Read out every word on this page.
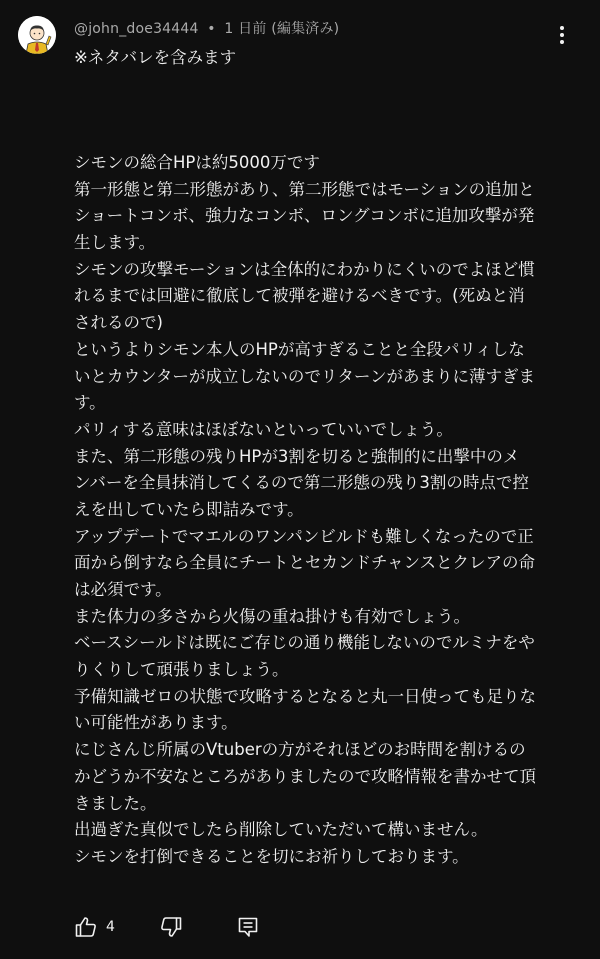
@john_doe34444 • 1 日前 (編集済み)
※ネタバレを含みます
シモンの総合HPは約5000万です
第一形態と第二形態があり、第二形態ではモーションの追加と
ショートコンボ、強力なコンボ、ロングコンボに追加攻撃が発
生します。
シモンの攻撃モーションは全体的にわかりにくいのでよほど慣
れるまでは回避に徹底して被弾を避けるべきです。(死ぬと消
されるので)
というよりシモン本人のHPが高すぎることと全段パリィしな
いとカウンターが成立しないのでリターンがあまりに薄すぎま
す。
パリィする意味はほぼないといっていいでしょう。
また、第二形態の残りHPが3割を切ると強制的に出撃中のメ
ンバーを全員抹消してくるので第二形態の残り3割の時点で控
えを出していたら即詰みです。
アップデートでマエルのワンパンビルドも難しくなったので正
面から倒すなら全員にチートとセカンドチャンスとクレアの命
は必須です。
また体力の多さから火傷の重ね掛けも有効でしょう。
ベースシールドは既にご存じの通り機能しないのでルミナをや
りくりして頑張りましょう。
予備知識ゼロの状態で攻略するとなると丸一日使っても足りな
い可能性があります。
にじさんじ所属のVtuberの方がそれほどのお時間を割けるの
かどうか不安なところがありましたので攻略情報を書かせて頂
きました。
出過ぎた真似でしたら削除していただいて構いません。
シモンを打倒できることを切にお祈りしております。
4
